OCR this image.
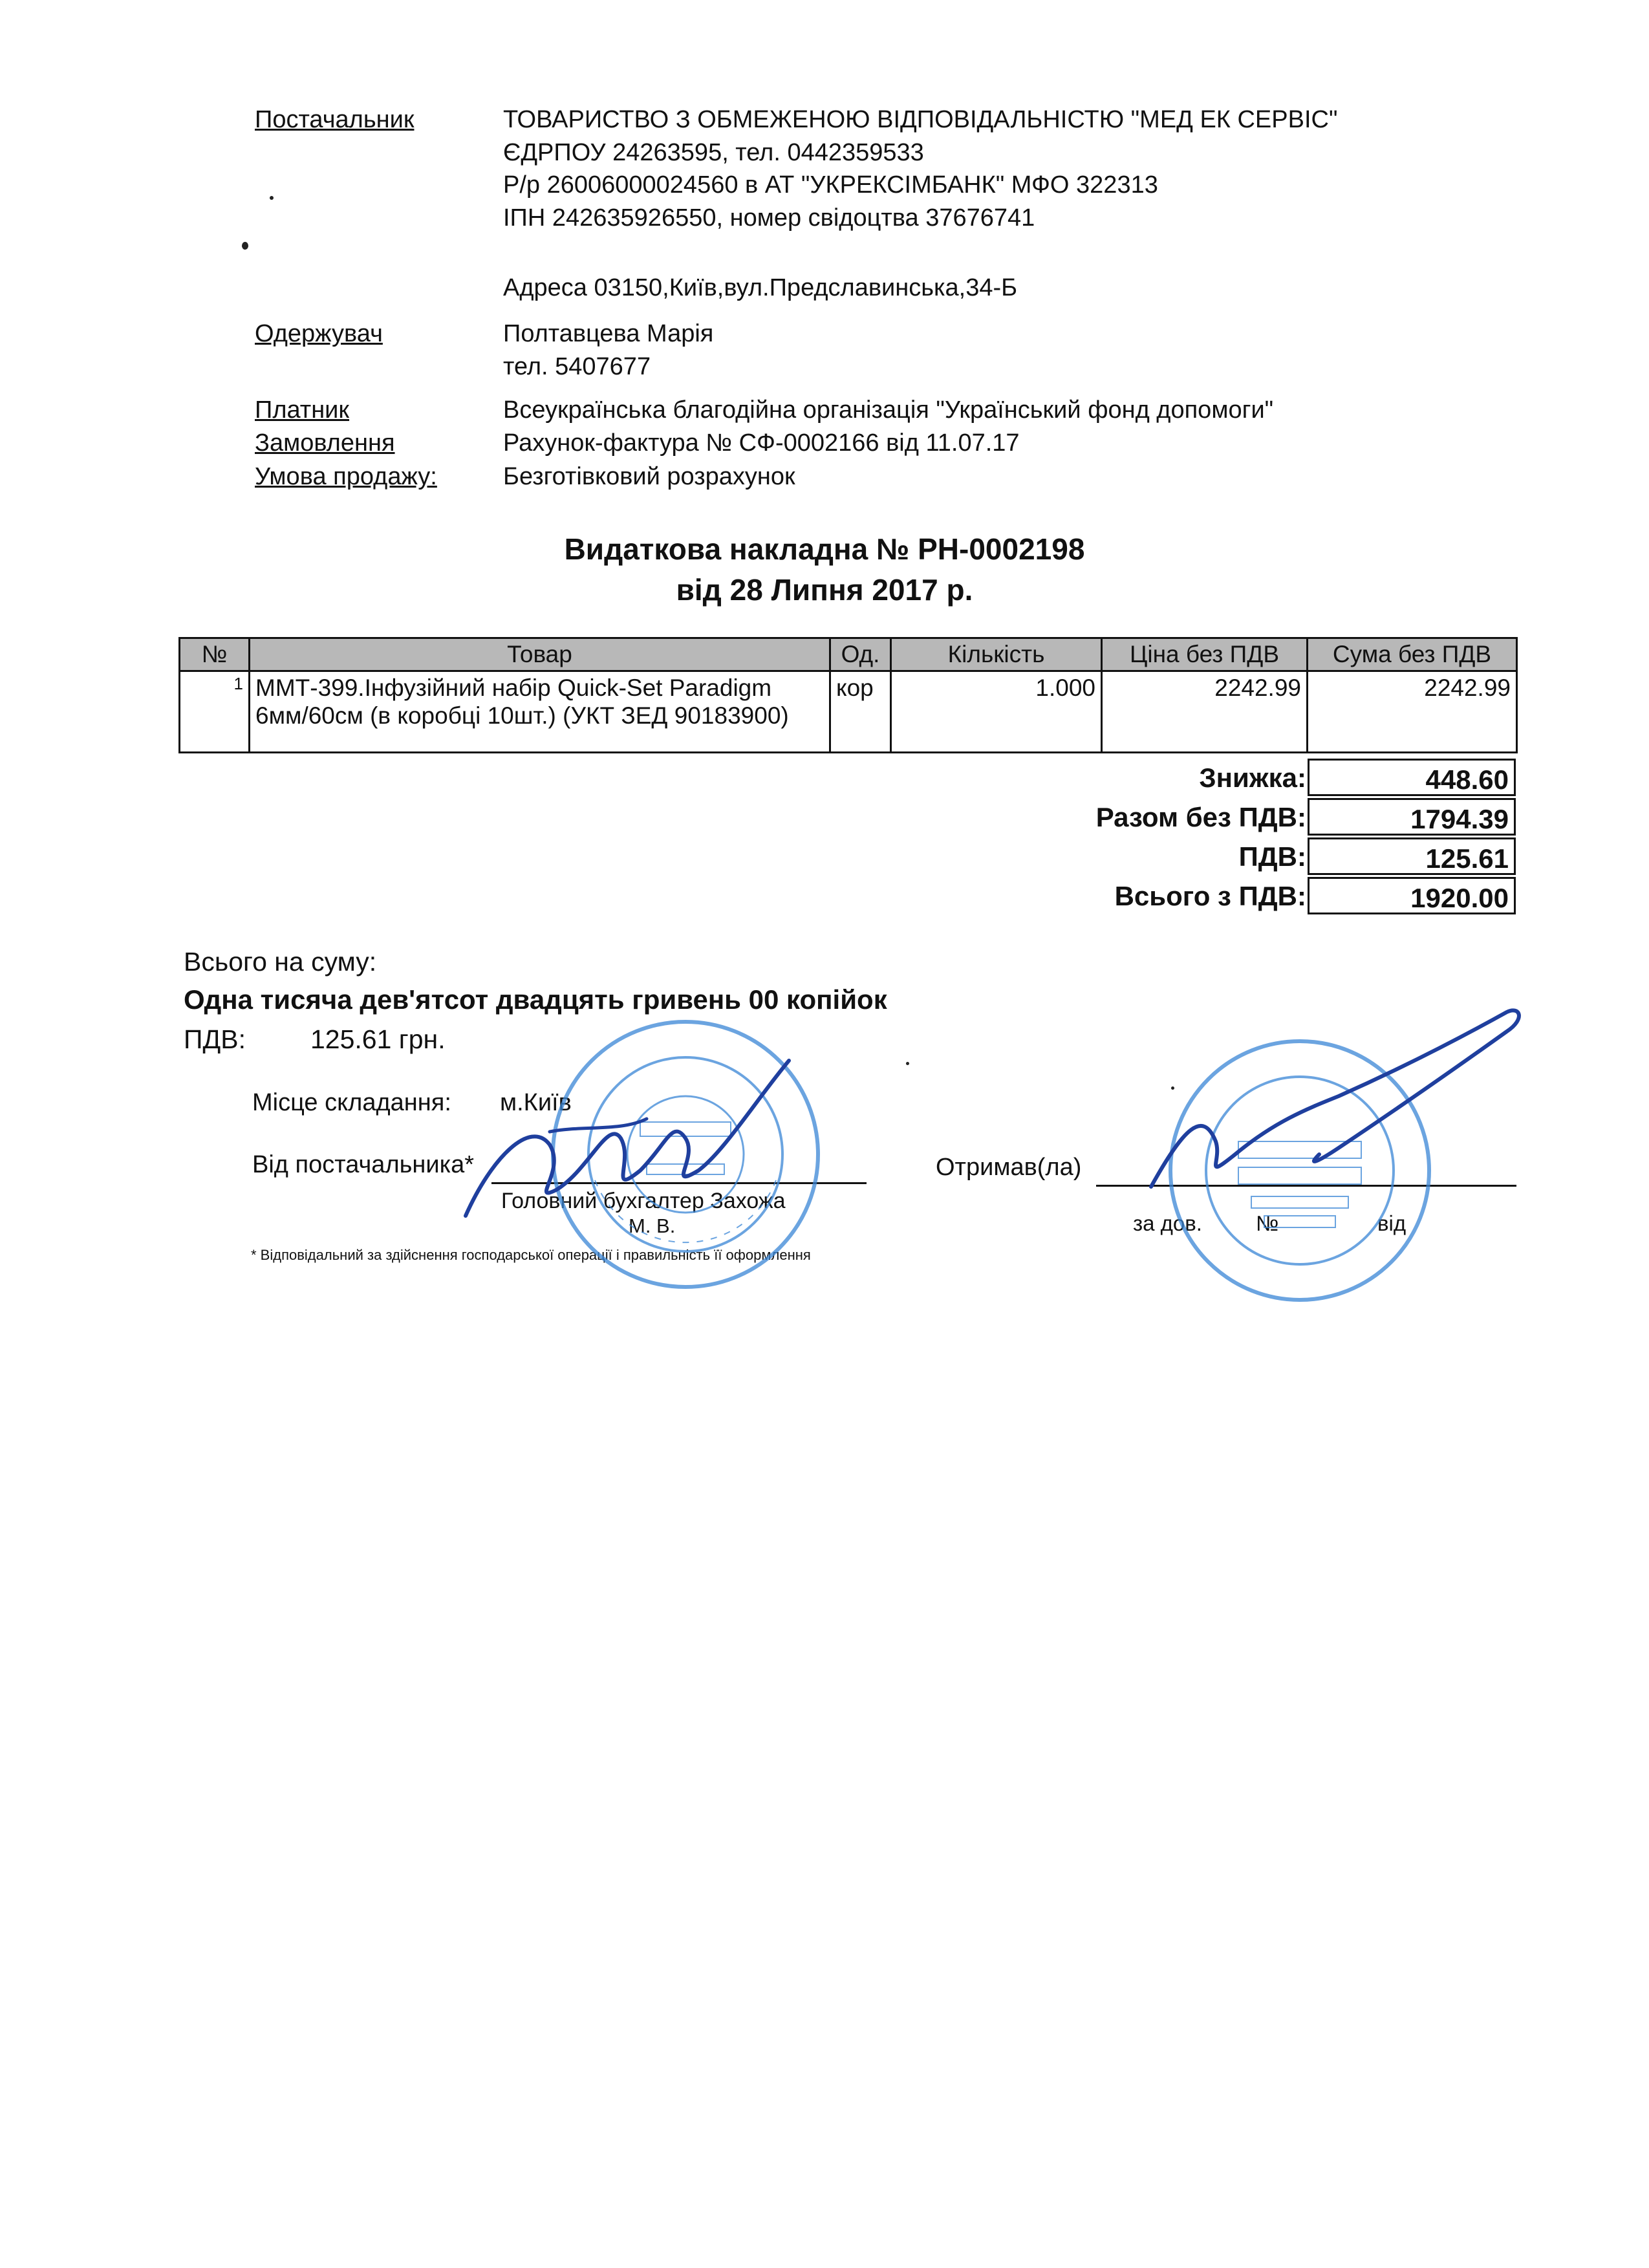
Постачальник	ТОВАРИСТВО З ОБМЕЖЕНОЮ ВІДПОВІДАЛЬНІСТЮ "МЕД ЕК СЕРВІС"
ЄДРПОУ 24263595, тел. 0442359533
Р/р 26006000024560 в АТ "УКРЕКСІМБАНК" МФО 322313
ІПН 242635926550, номер свідоцтва 37676741
Адреса 03150,Київ,вул.Предславинська,34-Б
Одержувач	Полтавцева Марія
тел. 5407677
Платник	Всеукраїнська благодійна організація "Український фонд допомоги"
Замовлення	Рахунок-фактура № СФ-0002166 від 11.07.17
Умова продажу:	Безготівковий розрахунок
Видаткова накладна № РН-0002198
від 28 Липня 2017 р.
№	Товар	Од.	Кількість	Ціна без ПДВ	Сума без ПДВ
1	ММТ-399.Інфузійний набір Quick-Set Paradigm 6мм/60см (в коробці 10шт.) (УКТ ЗЕД 90183900)	кор	1.000	2242.99	2242.99
Знижка:	448.60
Разом без ПДВ:	1794.39
ПДВ:	125.61
Всього з ПДВ:	1920.00
Всього на суму:
Одна тисяча дев'ятсот двадцять гривень 00 копійок
ПДВ: 125.61 грн.
Місце складання: м.Київ
Від постачальника*
Головний бухгалтер Захожа
М. В.
* Відповідальний за здійснення господарської операції і правильність її оформлення
Отримав(ла)
за дов.	№	від
